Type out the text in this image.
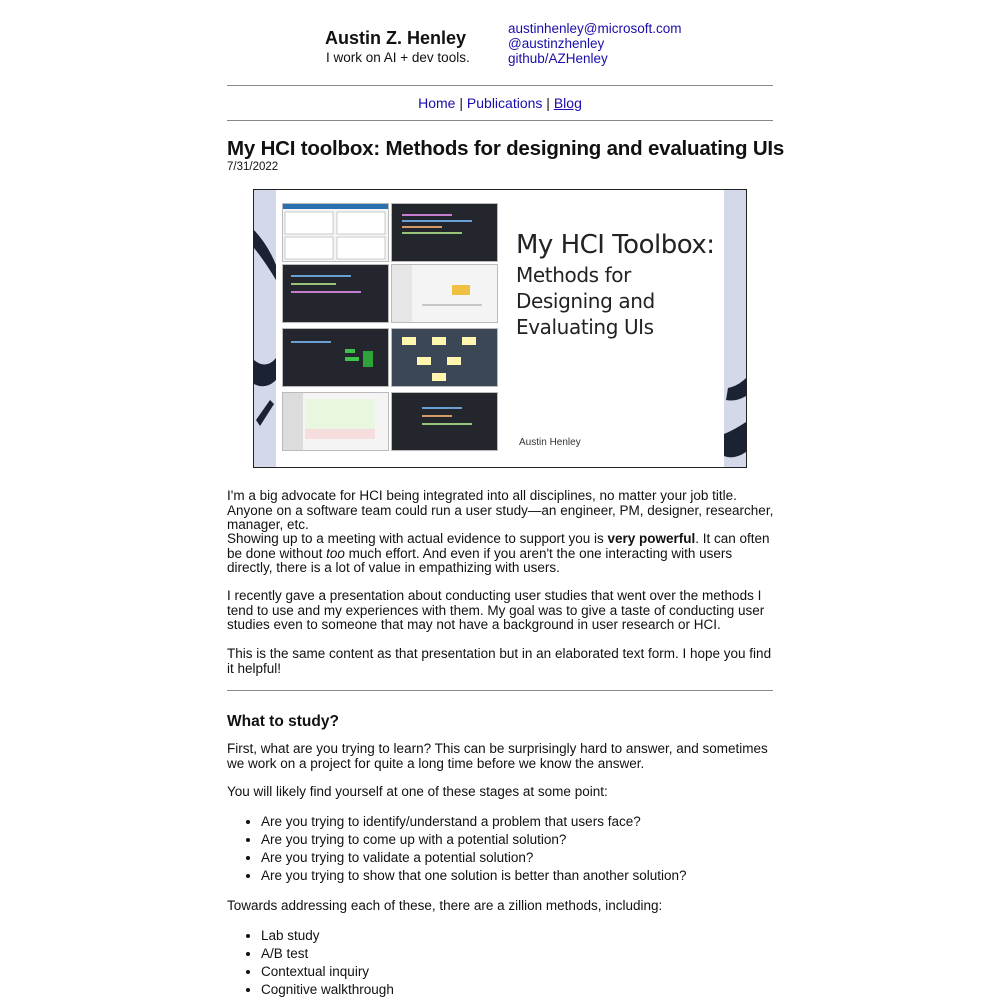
Austin Z. Henley
I work on AI + dev tools.
austinhenley@microsoft.com
@austinzhenley
github/AZHenley
Home | Publications | Blog
My HCI toolbox: Methods for designing and evaluating UIs
7/31/2022
My HCI Toolbox:
Methods for
Designing and
Evaluating UIs
Austin Henley

I'm a big advocate for HCI being integrated into all disciplines, no matter your job title. Anyone on a software team could run a user study—an engineer, PM, designer, researcher, manager, etc.

Showing up to a meeting with actual evidence to support you is very powerful. It can often be done without too much effort. And even if you aren't the one interacting with users directly, there is a lot of value in empathizing with users.

I recently gave a presentation about conducting user studies that went over the methods I tend to use and my experiences with them. My goal was to give a taste of conducting user studies even to someone that may not have a background in user research or HCI.

This is the same content as that presentation but in an elaborated text form. I hope you find it helpful!

What to study?

First, what are you trying to learn? This can be surprisingly hard to answer, and sometimes we work on a project for quite a long time before we know the answer.

You will likely find yourself at one of these stages at some point:

• Are you trying to identify/understand a problem that users face?
• Are you trying to come up with a potential solution?
• Are you trying to validate a potential solution?
• Are you trying to show that one solution is better than another solution?

Towards addressing each of these, there are a zillion methods, including:

• Lab study
• A/B test
• Contextual inquiry
• Cognitive walkthrough
